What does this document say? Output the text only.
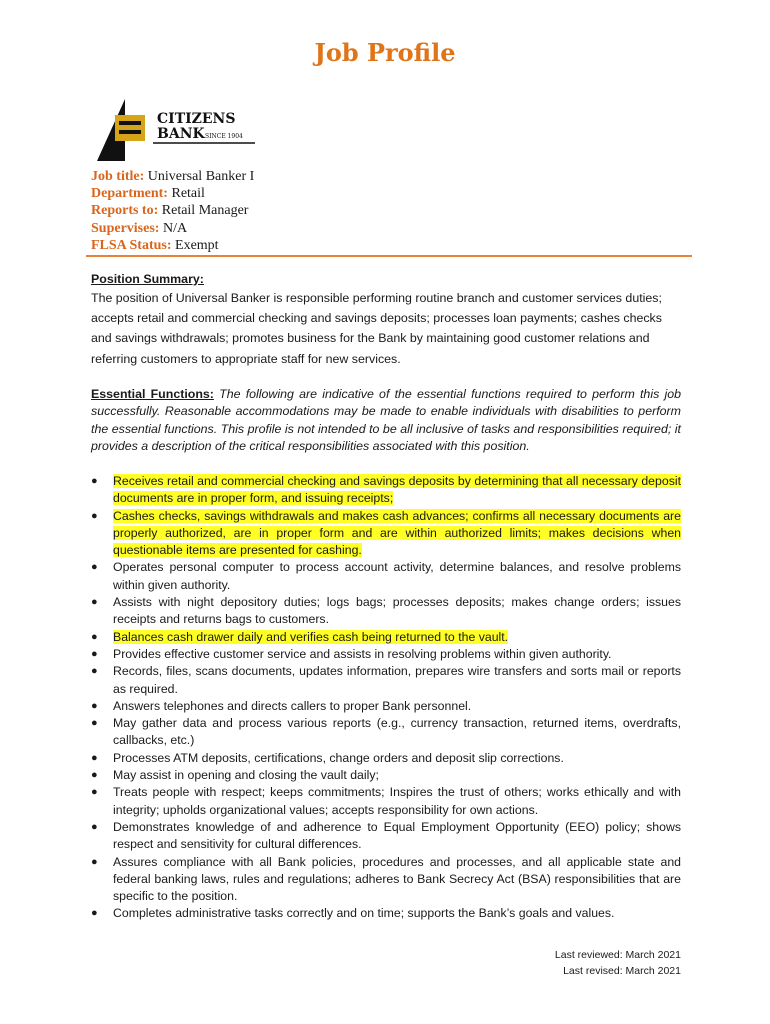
Job Profile
CITIZENS
BANK SINCE 1904
Job title: Universal Banker I
Department: Retail
Reports to: Retail Manager
Supervises: N/A
FLSA Status: Exempt
Position Summary:
The position of Universal Banker is responsible performing routine branch and customer services duties;
accepts retail and commercial checking and savings deposits; processes loan payments; cashes checks
and savings withdrawals; promotes business for the Bank by maintaining good customer relations and
referring customers to appropriate staff for new services.
Essential Functions: The following are indicative of the essential functions required to perform this job successfully. Reasonable accommodations may be made to enable individuals with disabilities to perform the essential functions. This profile is not intended to be all inclusive of tasks and responsibilities required; it provides a description of the critical responsibilities associated with this position.
● Receives retail and commercial checking and savings deposits by determining that all necessary deposit documents are in proper form, and issuing receipts;
● Cashes checks, savings withdrawals and makes cash advances; confirms all necessary documents are properly authorized, are in proper form and are within authorized limits; makes decisions when questionable items are presented for cashing.
● Operates personal computer to process account activity, determine balances, and resolve problems within given authority.
● Assists with night depository duties; logs bags; processes deposits; makes change orders; issues receipts and returns bags to customers.
● Balances cash drawer daily and verifies cash being returned to the vault.
● Provides effective customer service and assists in resolving problems within given authority.
● Records, files, scans documents, updates information, prepares wire transfers and sorts mail or reports as required.
● Answers telephones and directs callers to proper Bank personnel.
● May gather data and process various reports (e.g., currency transaction, returned items, overdrafts, callbacks, etc.)
● Processes ATM deposits, certifications, change orders and deposit slip corrections.
● May assist in opening and closing the vault daily;
● Treats people with respect; keeps commitments; Inspires the trust of others; works ethically and with integrity; upholds organizational values; accepts responsibility for own actions.
● Demonstrates knowledge of and adherence to Equal Employment Opportunity (EEO) policy; shows respect and sensitivity for cultural differences.
● Assures compliance with all Bank policies, procedures and processes, and all applicable state and federal banking laws, rules and regulations; adheres to Bank Secrecy Act (BSA) responsibilities that are specific to the position.
● Completes administrative tasks correctly and on time; supports the Bank’s goals and values.
Last reviewed: March 2021
Last revised: March 2021
